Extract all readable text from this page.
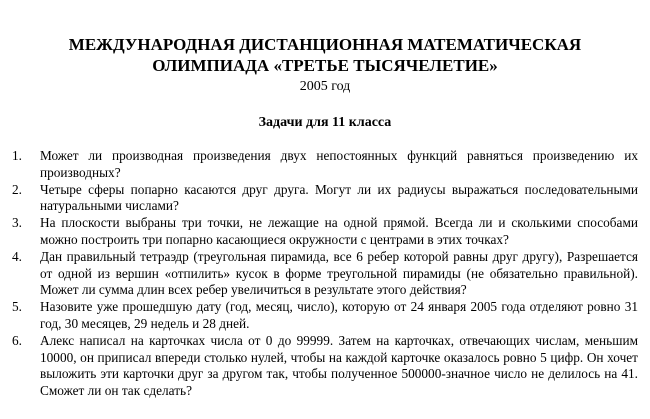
МЕЖДУНАРОДНАЯ ДИСТАНЦИОННАЯ МАТЕМАТИЧЕСКАЯ
ОЛИМПИАДА «ТРЕТЬЕ ТЫСЯЧЕЛЕТИЕ»
2005 год
Задачи для 11 класса
1. Может ли производная произведения двух непостоянных функций равняться произведению их производных?
2. Четыре сферы попарно касаются друг друга. Могут ли их радиусы выражаться последовательными натуральными числами?
3. На плоскости выбраны три точки, не лежащие на одной прямой. Всегда ли и сколькими способами можно построить три попарно касающиеся окружности с центрами в этих точках?
4. Дан правильный тетраэдр (треугольная пирамида, все 6 ребер которой равны друг другу), Разрешается от одной из вершин «отпилить» кусок в форме треугольной пирамиды (не обязательно правильной). Может ли сумма длин всех ребер увеличиться в результате этого действия?
5. Назовите уже прошедшую дату (год, месяц, число), которую от 24 января 2005 года отделяют ровно 31 год, 30 месяцев, 29 недель и 28 дней.
6. Алекс написал на карточках числа от 0 до 99999. Затем на карточках, отвечающих числам, меньшим 10000, он приписал впереди столько нулей, чтобы на каждой карточке оказалось ровно 5 цифр. Он хочет выложить эти карточки друг за другом так, чтобы полученное 500000-значное число не делилось на 41. Сможет ли он так сделать?
